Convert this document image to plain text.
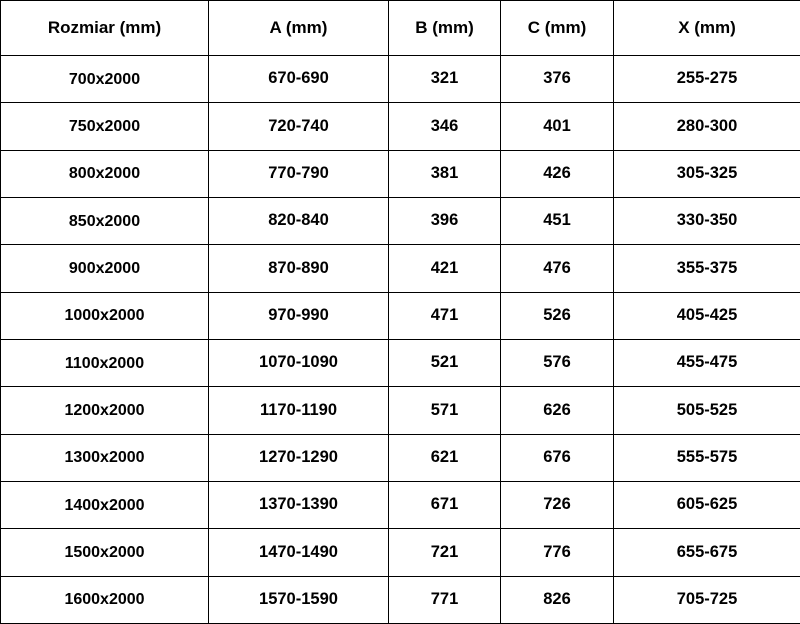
Rozmiar (mm)	A (mm)	B (mm)	C (mm)	X (mm)
700x2000	670-690	321	376	255-275
750x2000	720-740	346	401	280-300
800x2000	770-790	381	426	305-325
850x2000	820-840	396	451	330-350
900x2000	870-890	421	476	355-375
1000x2000	970-990	471	526	405-425
1100x2000	1070-1090	521	576	455-475
1200x2000	1170-1190	571	626	505-525
1300x2000	1270-1290	621	676	555-575
1400x2000	1370-1390	671	726	605-625
1500x2000	1470-1490	721	776	655-675
1600x2000	1570-1590	771	826	705-725
